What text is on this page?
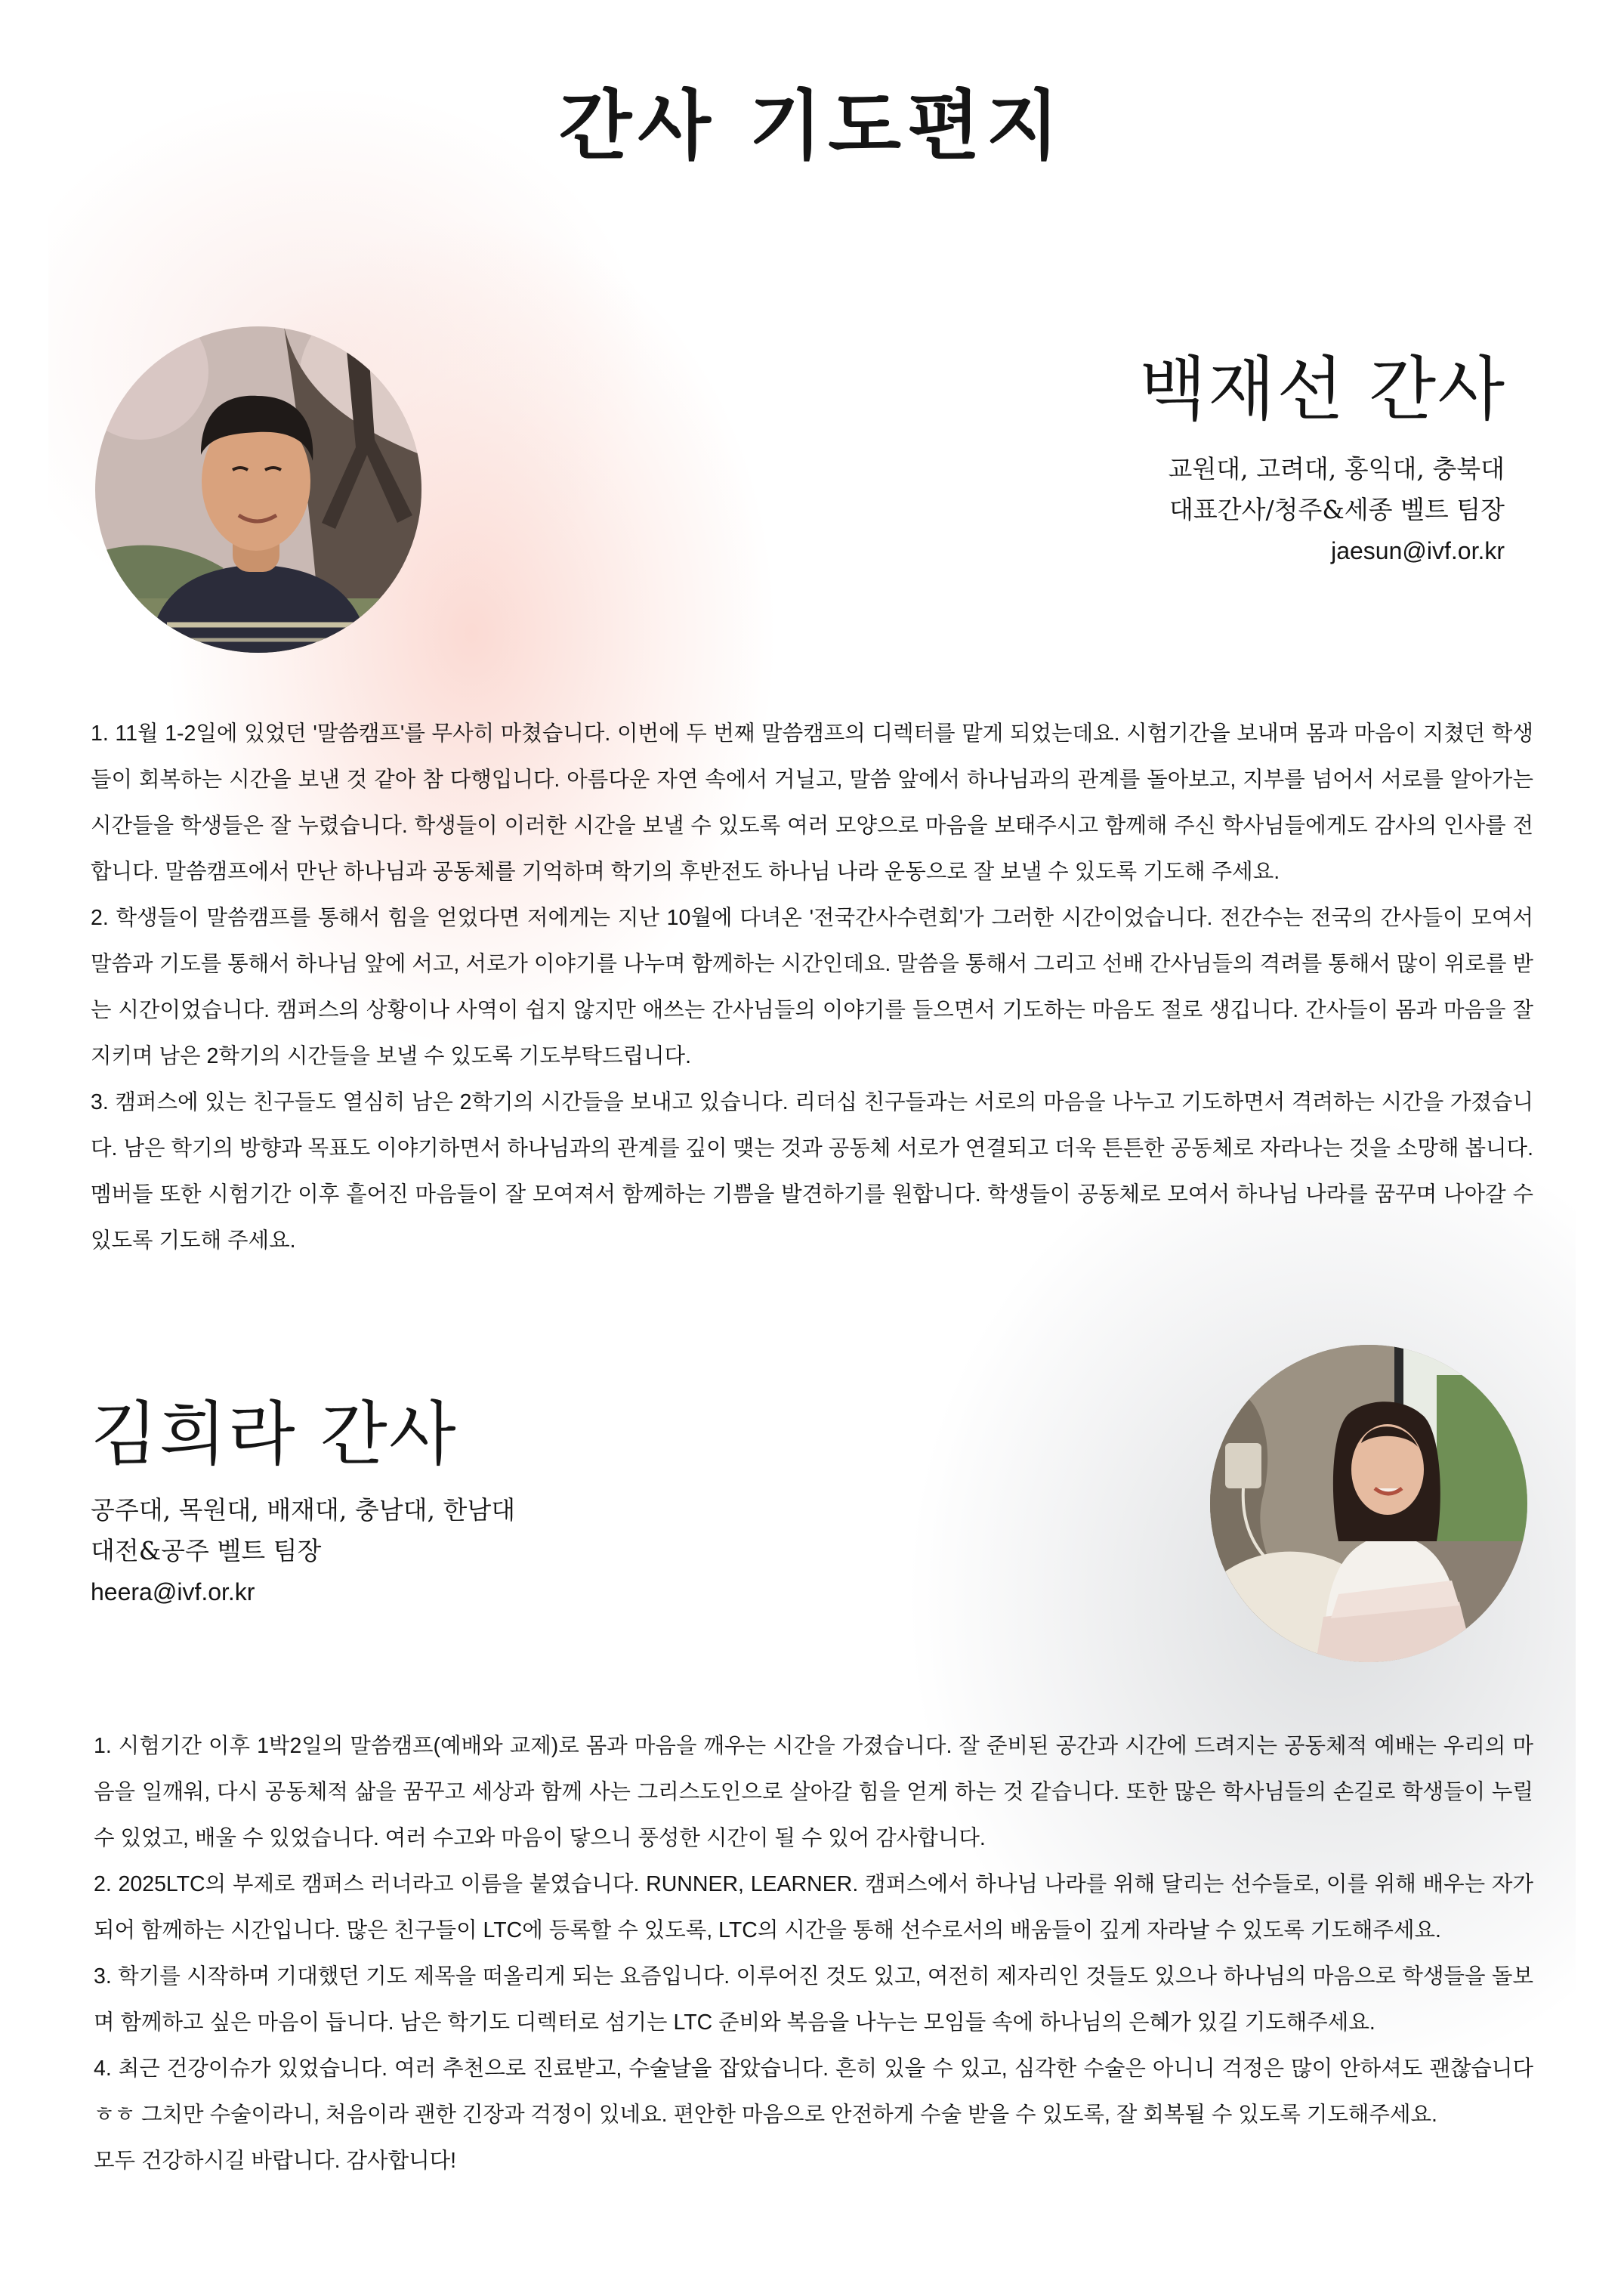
간사 기도편지
백재선 간사
교원대, 고려대, 홍익대, 충북대
대표간사/청주&세종 벨트 팀장
jaesun@ivf.or.kr

1. 11월 1-2일에 있었던 '말씀캠프'를 무사히 마쳤습니다. 이번에 두 번째 말씀캠프의 디렉터를 맡게 되었는데요. 시험기간을 보내며 몸과 마음이 지쳤던 학생들이 회복하는 시간을 보낸 것 같아 참 다행입니다. 아름다운 자연 속에서 거닐고, 말씀 앞에서 하나님과의 관계를 돌아보고, 지부를 넘어서 서로를 알아가는 시간들을 학생들은 잘 누렸습니다. 학생들이 이러한 시간을 보낼 수 있도록 여러 모양으로 마음을 보태주시고 함께해 주신 학사님들에게도 감사의 인사를 전합니다. 말씀캠프에서 만난 하나님과 공동체를 기억하며 학기의 후반전도 하나님 나라 운동으로 잘 보낼 수 있도록 기도해 주세요.

2. 학생들이 말씀캠프를 통해서 힘을 얻었다면 저에게는 지난 10월에 다녀온 '전국간사수련회'가 그러한 시간이었습니다. 전간수는 전국의 간사들이 모여서 말씀과 기도를 통해서 하나님 앞에 서고, 서로가 이야기를 나누며 함께하는 시간인데요. 말씀을 통해서 그리고 선배 간사님들의 격려를 통해서 많이 위로를 받는 시간이었습니다. 캠퍼스의 상황이나 사역이 쉽지 않지만 애쓰는 간사님들의 이야기를 들으면서 기도하는 마음도 절로 생깁니다. 간사들이 몸과 마음을 잘 지키며 남은 2학기의 시간들을 보낼 수 있도록 기도부탁드립니다.

3. 캠퍼스에 있는 친구들도 열심히 남은 2학기의 시간들을 보내고 있습니다. 리더십 친구들과는 서로의 마음을 나누고 기도하면서 격려하는 시간을 가졌습니다. 남은 학기의 방향과 목표도 이야기하면서 하나님과의 관계를 깊이 맺는 것과 공동체 서로가 연결되고 더욱 튼튼한 공동체로 자라나는 것을 소망해 봅니다. 멤버들 또한 시험기간 이후 흩어진 마음들이 잘 모여져서 함께하는 기쁨을 발견하기를 원합니다. 학생들이 공동체로 모여서 하나님 나라를 꿈꾸며 나아갈 수 있도록 기도해 주세요.

김희라 간사
공주대, 목원대, 배재대, 충남대, 한남대
대전&공주 벨트 팀장
heera@ivf.or.kr

1. 시험기간 이후 1박2일의 말씀캠프(예배와 교제)로 몸과 마음을 깨우는 시간을 가졌습니다. 잘 준비된 공간과 시간에 드려지는 공동체적 예배는 우리의 마음을 일깨워, 다시 공동체적 삶을 꿈꾸고 세상과 함께 사는 그리스도인으로 살아갈 힘을 얻게 하는 것 같습니다. 또한 많은 학사님들의 손길로 학생들이 누릴 수 있었고, 배울 수 있었습니다. 여러 수고와 마음이 닿으니 풍성한 시간이 될 수 있어 감사합니다.

2. 2025LTC의 부제로 캠퍼스 러너라고 이름을 붙였습니다. RUNNER, LEARNER. 캠퍼스에서 하나님 나라를 위해 달리는 선수들로, 이를 위해 배우는 자가 되어 함께하는 시간입니다. 많은 친구들이 LTC에 등록할 수 있도록, LTC의 시간을 통해 선수로서의 배움들이 깊게 자라날 수 있도록 기도해주세요.

3. 학기를 시작하며 기대했던 기도 제목을 떠올리게 되는 요즘입니다. 이루어진 것도 있고, 여전히 제자리인 것들도 있으나 하나님의 마음으로 학생들을 돌보며 함께하고 싶은 마음이 듭니다. 남은 학기도 디렉터로 섬기는 LTC 준비와 복음을 나누는 모임들 속에 하나님의 은혜가 있길 기도해주세요.

4. 최근 건강이슈가 있었습니다. 여러 추천으로 진료받고, 수술날을 잡았습니다. 흔히 있을 수 있고, 심각한 수술은 아니니 걱정은 많이 안하셔도 괜찮습니다ㅎㅎ 그치만 수술이라니, 처음이라 괜한 긴장과 걱정이 있네요. 편안한 마음으로 안전하게 수술 받을 수 있도록, 잘 회복될 수 있도록 기도해주세요.

모두 건강하시길 바랍니다. 감사합니다!
